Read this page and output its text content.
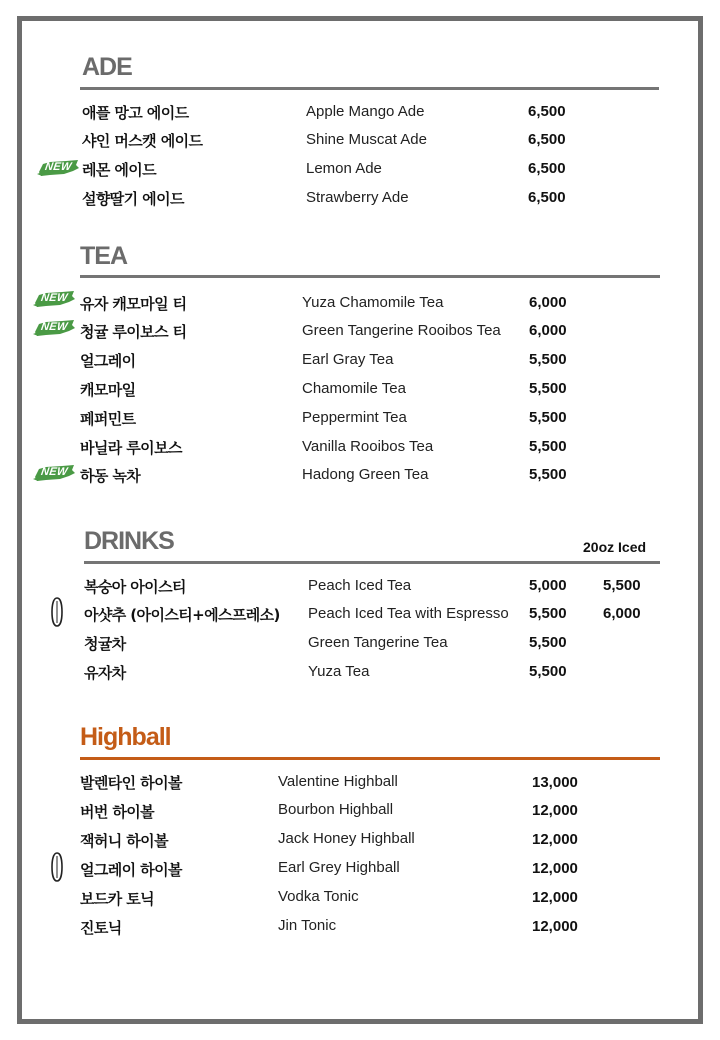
ADE
애플 망고 에이드	Apple Mango Ade	6,500
샤인 머스캣 에이드	Shine Muscat Ade	6,500
NEW 레몬 에이드	Lemon Ade	6,500
설향딸기 에이드	Strawberry Ade	6,500
TEA
NEW 유자 캐모마일 티	Yuza Chamomile Tea	6,000
NEW 청귤 루이보스 티	Green Tangerine Rooibos Tea 6,000
얼그레이	Earl Gray Tea	5,500
캐모마일	Chamomile Tea	5,500
페퍼민트	Peppermint Tea	5,500
바닐라 루이보스	Vanilla Rooibos Tea	5,500
NEW 하동 녹차	Hadong Green Tea	5,500
DRINKS	20oz Iced
복숭아 아이스티	Peach Iced Tea	5,000 5,500
아샷추 (아이스티+에스프레소) Peach Iced Tea with Espresso 5,500 6,000
청귤차	Green Tangerine Tea	5,500
유자차	Yuza Tea	5,500
Highball
발렌타인 하이볼	Valentine Highball	13,000
버번 하이볼	Bourbon Highball	12,000
잭허니 하이볼	Jack Honey Highball	12,000
얼그레이 하이볼	Earl Grey Highball	12,000
보드카 토닉	Vodka Tonic	12,000
진토닉	Jin Tonic	12,000
